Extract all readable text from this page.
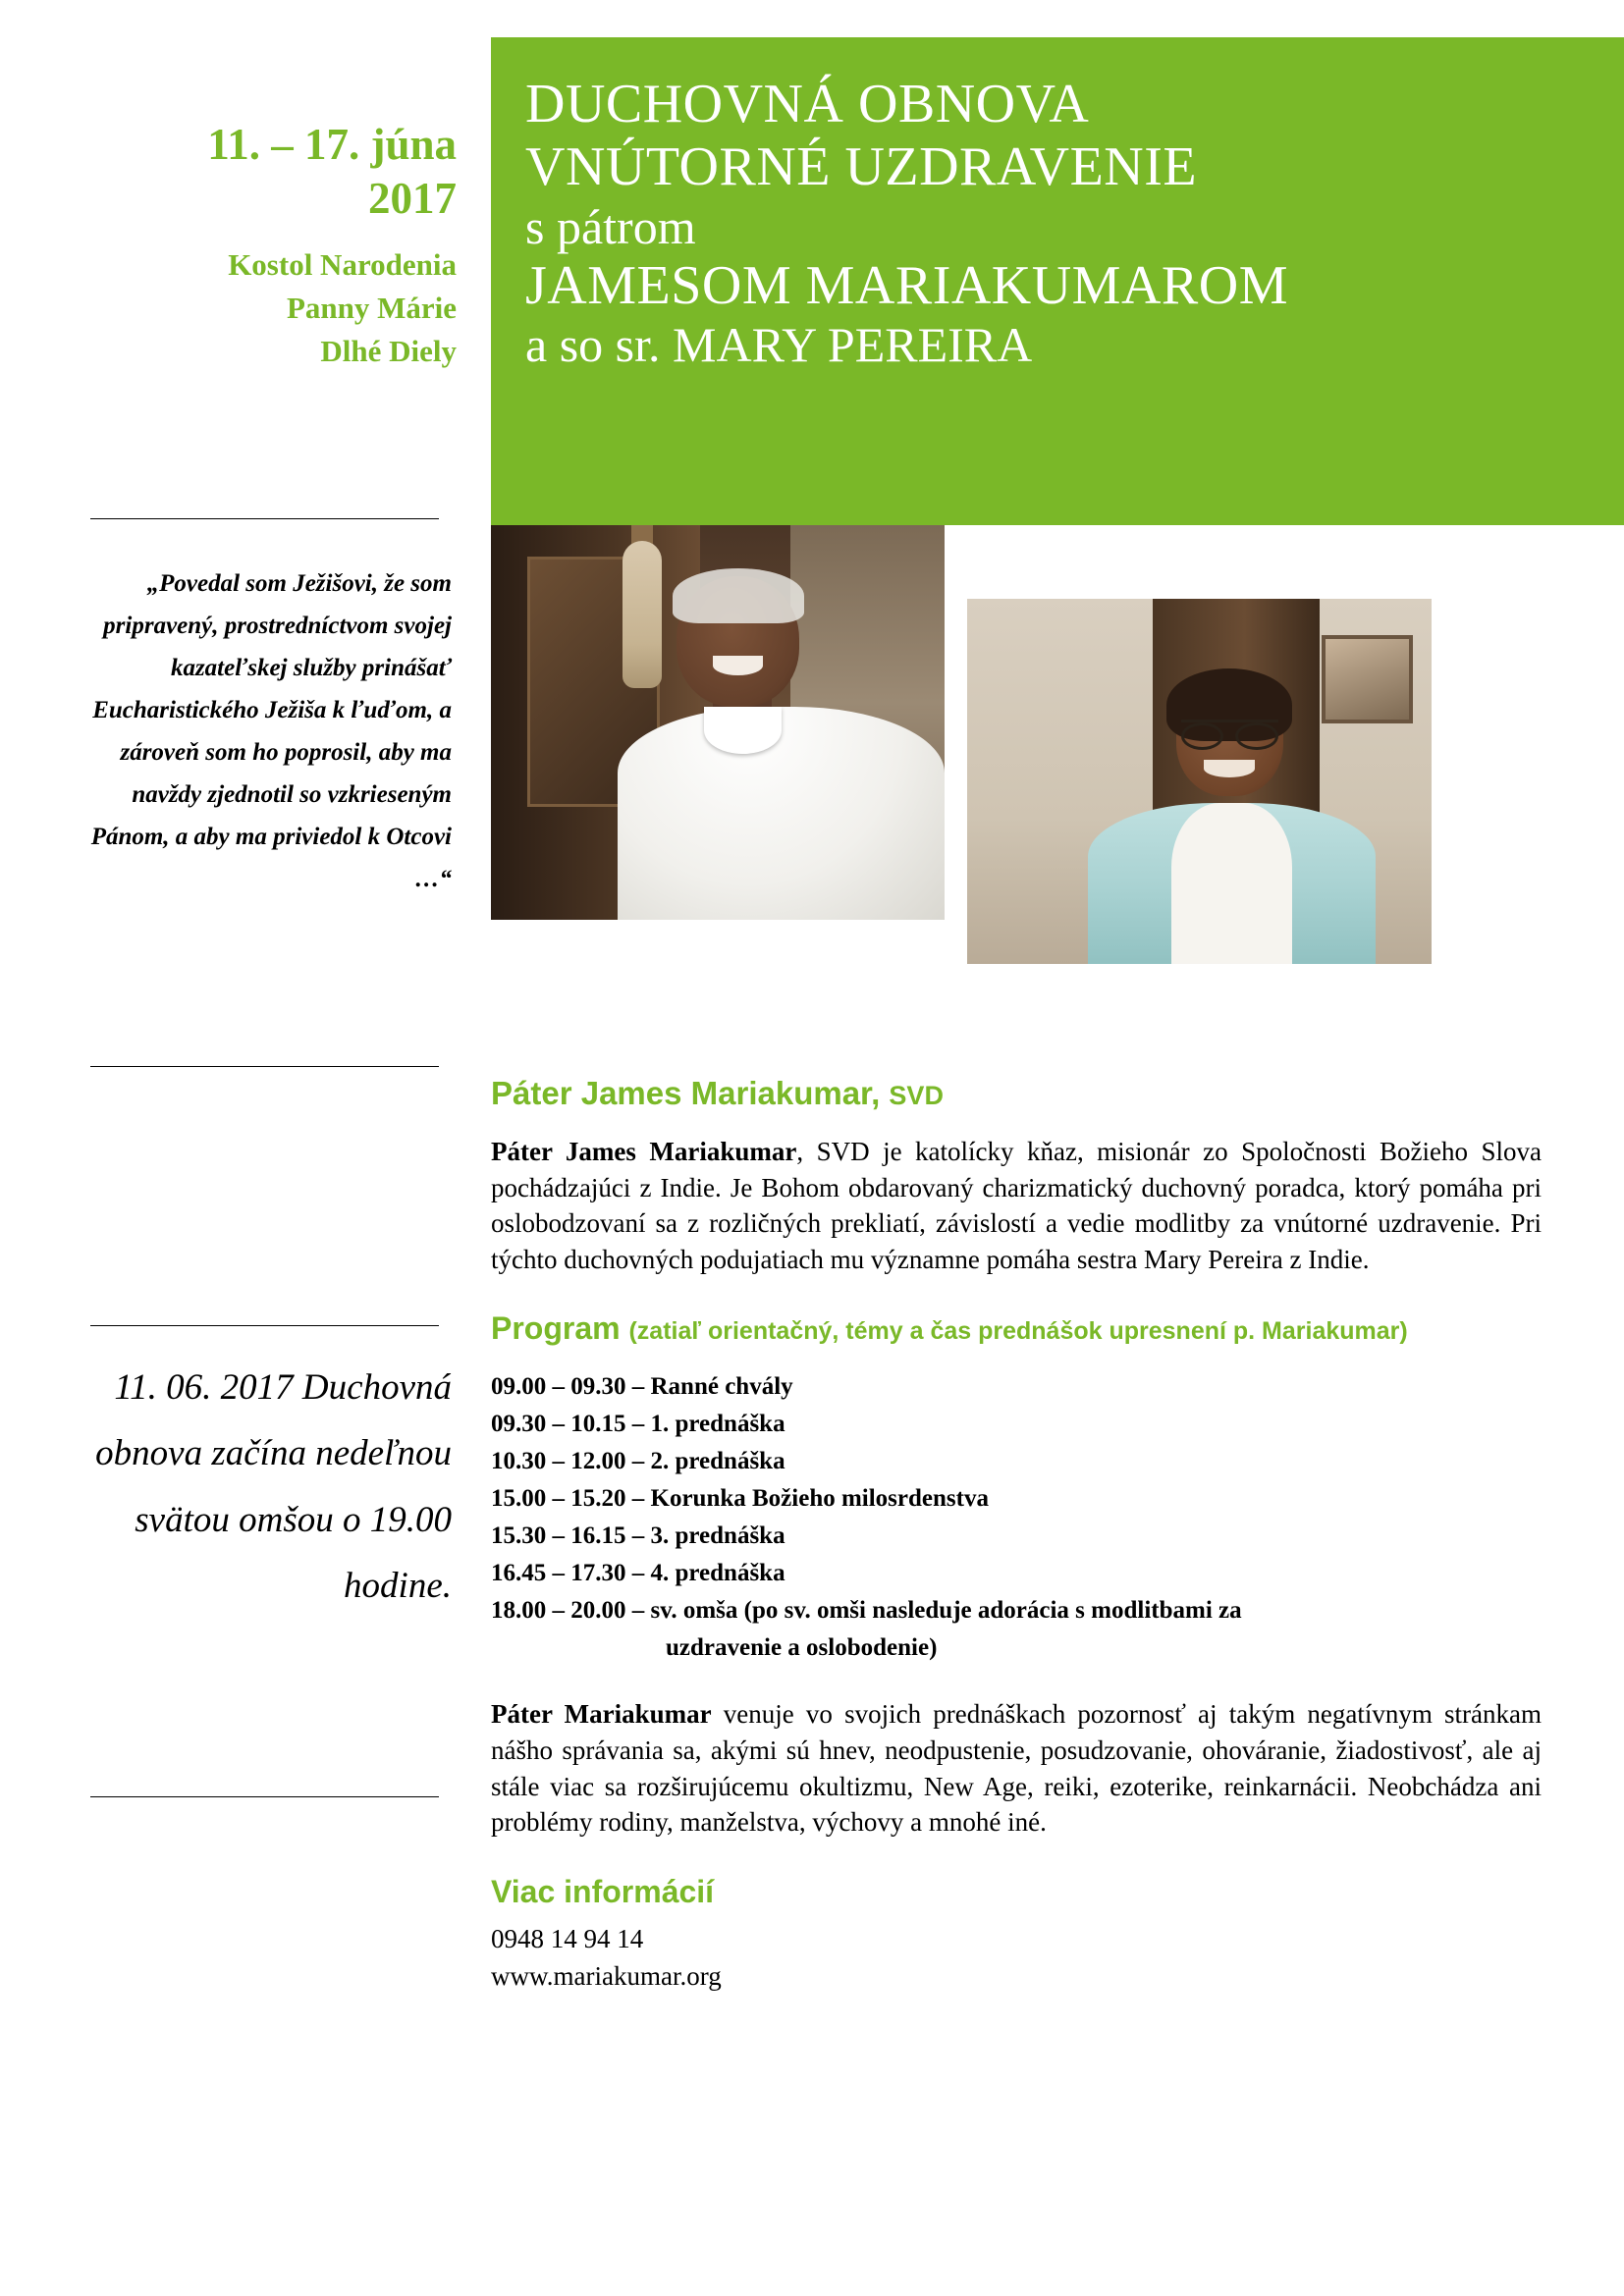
DUCHOVNÁ OBNOVA
VNÚTORNÉ UZDRAVENIE
s pátrom
JAMESOM MARIAKUMAROM
a so sr. MARY PEREIRA
11. – 17. júna
2017
Kostol Narodenia
Panny Márie
Dlhé Diely
„Povedal som Ježišovi, že som pripravený, prostredníctvom svojej kazateľskej služby prinášať Eucharistického Ježiša k ľuďom, a zároveň som ho poprosil, aby ma navždy zjednotil so vzkrieseným Pánom, a aby ma priviedol k Otcovi …“
11. 06. 2017 Duchovná obnova začína nedeľnou svätou omšou o 19.00 hodine.
Páter James Mariakumar, SVD

Páter James Mariakumar, SVD je katolícky kňaz, misionár zo Spoločnosti Božieho Slova pochádzajúci z Indie. Je Bohom obdarovaný charizmatický duchovný poradca, ktorý pomáha pri oslobodzovaní sa z rozličných prekliatí, závislostí a vedie modlitby za vnútorné uzdravenie. Pri týchto duchovných podujatiach mu významne pomáha sestra Mary Pereira z Indie.

Program (zatiaľ orientačný, témy a čas prednášok upresnení p. Mariakumar)
09.00 – 09.30 – Ranné chvály
09.30 – 10.15 – 1. prednáška
10.30 – 12.00 – 2. prednáška
15.00 – 15.20 – Korunka Božieho milosrdenstva
15.30 – 16.15 – 3. prednáška
16.45 – 17.30 – 4. prednáška
18.00 – 20.00 – sv. omša (po sv. omši nasleduje adorácia s modlitbami za
uzdravenie a oslobodenie)

Páter Mariakumar venuje vo svojich prednáškach pozornosť aj takým negatívnym stránkam nášho správania sa, akými sú hnev, neodpustenie, posudzovanie, ohováranie, žiadostivosť, ale aj stále viac sa rozširujúcemu okultizmu, New Age, reiki, ezoterike, reinkarnácii. Neobchádza ani problémy rodiny, manželstva, výchovy a mnohé iné.

Viac informácií
0948 14 94 14
www.mariakumar.org
